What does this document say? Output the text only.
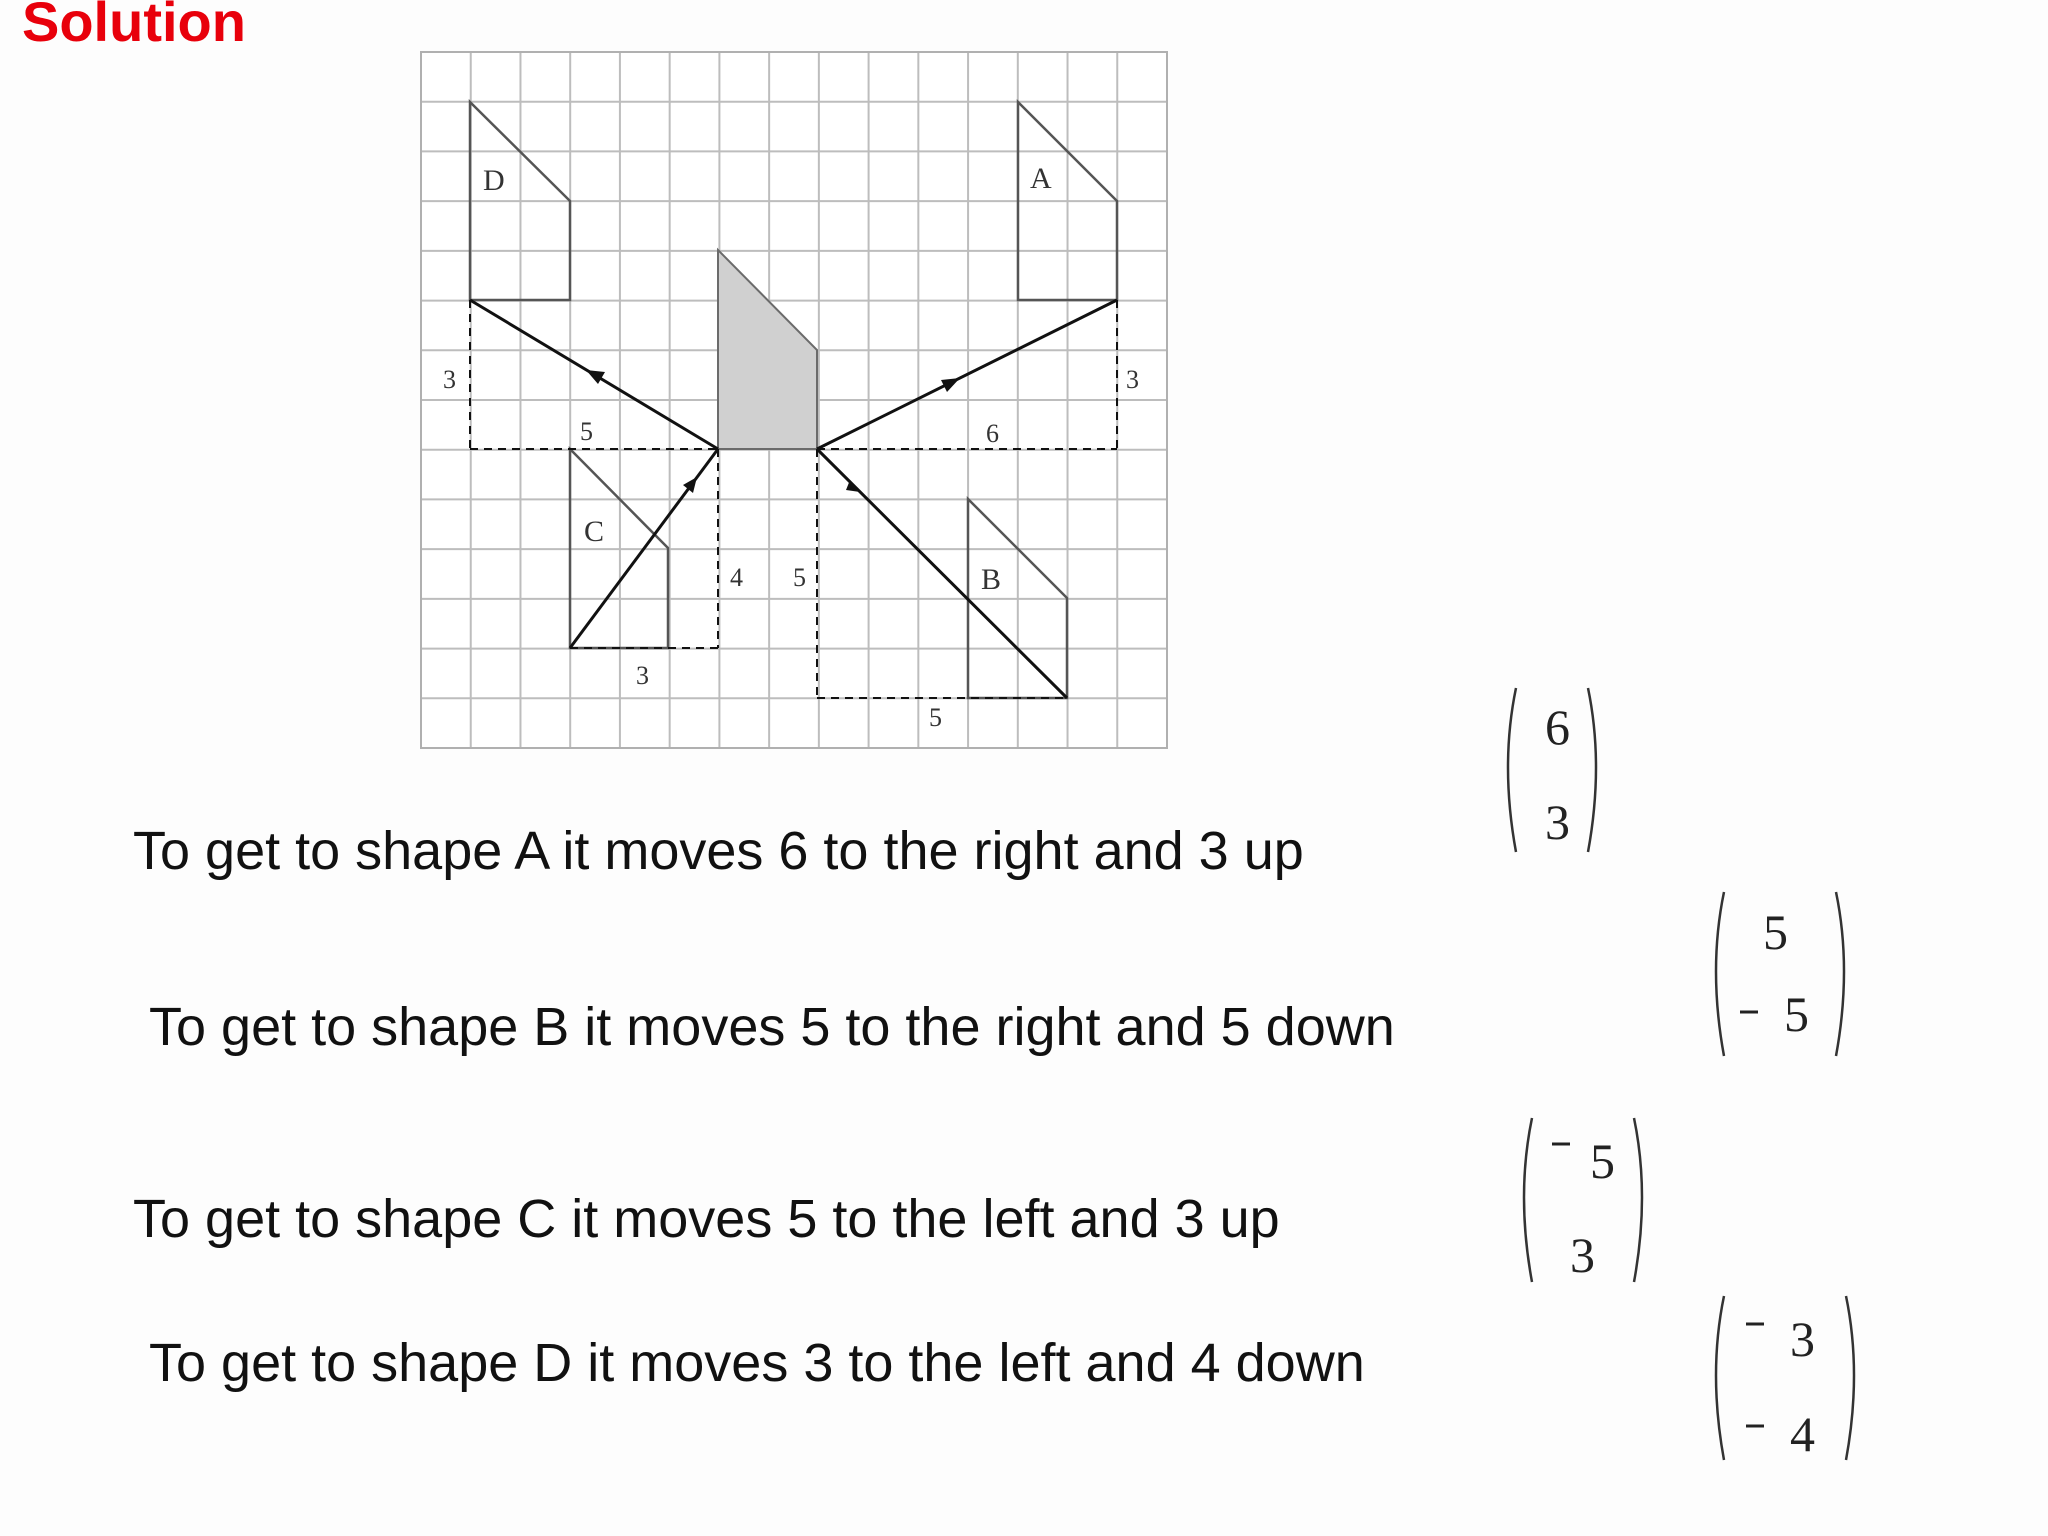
Solution
D	A
C
B
3
5	6
3
4 5
3
5
To get to shape A it moves 6 to the right and 3 up
To get to shape B it moves 5 to the right and 5 down
To get to shape C it moves 5 to the left and 3 up
To get to shape D it moves 3 to the left and 4 down
6
3
5
5
5
3
3
4
